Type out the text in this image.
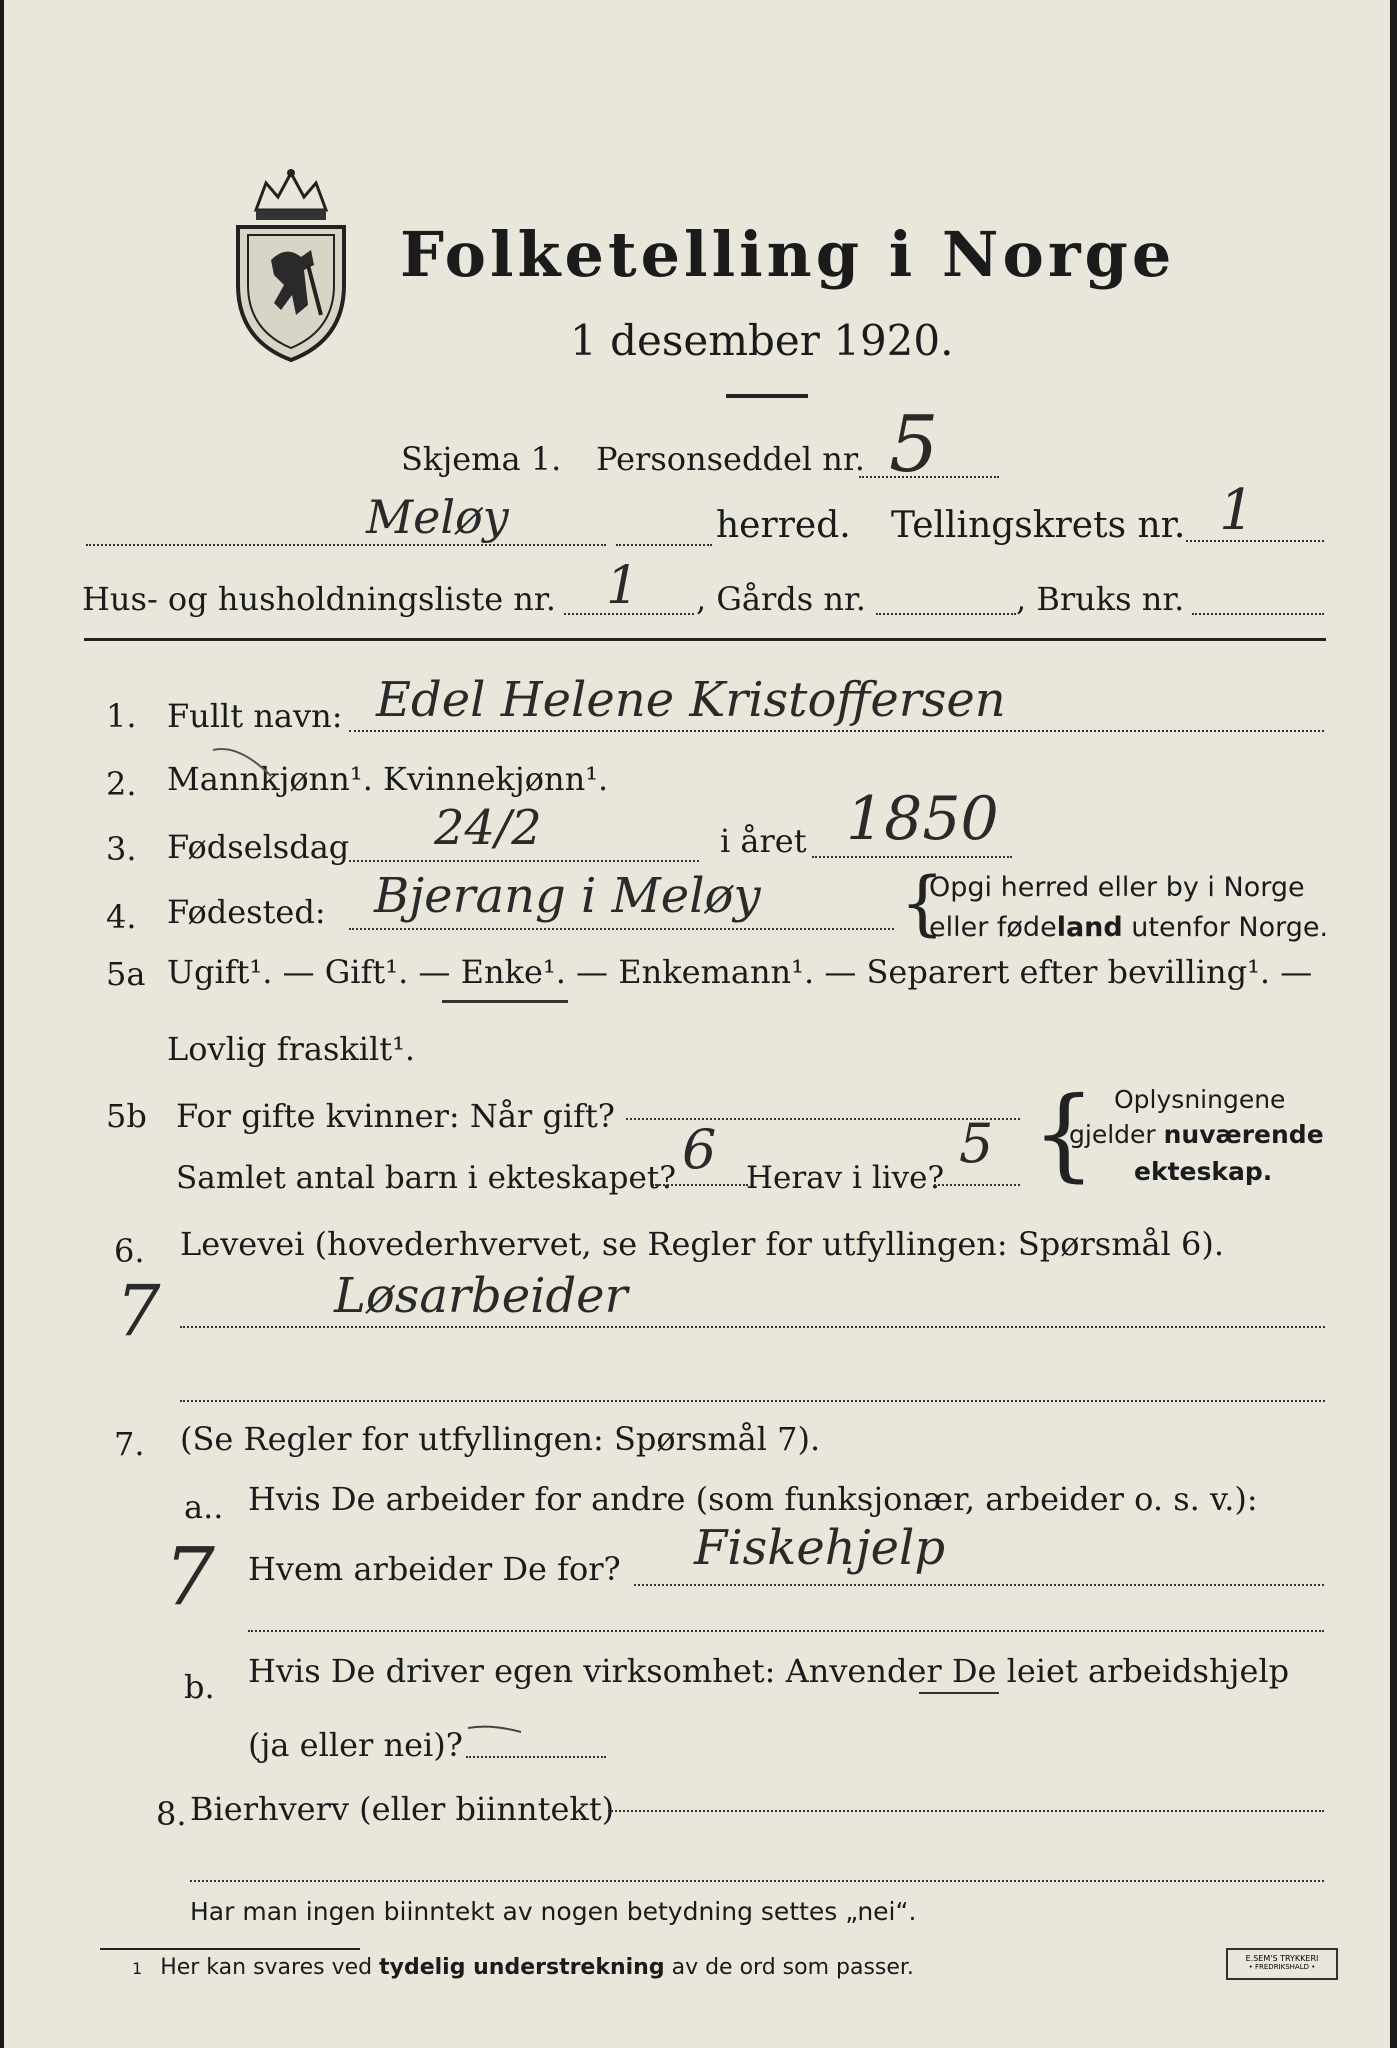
Folketelling i Norge
1 desember 1920.
Skjema 1. Personseddel nr. 5
Meløy	herred. Tellingskrets nr. 1
Hus- og husholdningsliste nr. 1 , Gårds nr.	, Bruks nr.
1. Fullt navn: Edel Helene Kristoffersen
2. Mannkjønn¹. Kvinnekjønn¹.
3. Fødselsdag 24/2	i året 1850
4. Fødested: Bjerang i Meløy {
Opgi herred eller by i Norge
eller fødeland utenfor Norge.
5a Ugift¹. — Gift¹. — Enke¹. — Enkemann¹. — Separert efter bevilling¹. —
Lovlig fraskilt¹.
5b For gifte kvinner: Når gift?
Samlet antal barn i ekteskapet? 6 Herav i live?
5 { Oplysningene
gjelder nuværende
ekteskap.
6. Levevei (hovederhvervet, se Regler for utfyllingen: Spørsmål 6).
7	Løsarbeider
7. (Se Regler for utfyllingen: Spørsmål 7).
a.. Hvis De arbeider for andre (som funksjonær, arbeider o. s. v.):
7 Hvem arbeider De for? Fiskehjelp
b. Hvis De driver egen virksomhet: Anvender De leiet arbeidshjelp
(ja eller nei)?
8. Bierhverv (eller biinntekt)
Har man ingen biinntekt av nogen betydning settes „nei“.
1 Her kan svares ved tydelig understrekning av de ord som passer.	E.SEM'S TRYKKERI
• FREDRIKSHALD •
